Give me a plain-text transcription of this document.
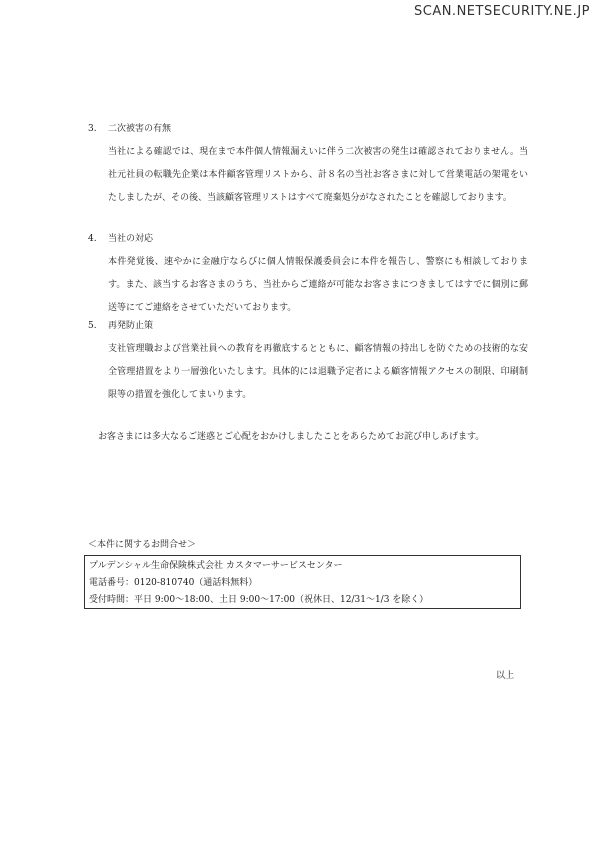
SCAN.NETSECURITY.NE.JP
3.	二次被害の有無
当社による確認では、現在まで本件個人情報漏えいに伴う二次被害の発生は確認されておりません。当社元社員の転職先企業は本件顧客管理リストから、計８名の当社お客さまに対して営業電話の架電をいたしましたが、その後、当該顧客管理リストはすべて廃棄処分がなされたことを確認しております。
4.	当社の対応
本件発覚後、速やかに金融庁ならびに個人情報保護委員会に本件を報告し、警察にも相談しております。また、該当するお客さまのうち、当社からご連絡が可能なお客さまにつきましてはすでに個別に郵送等にてご連絡をさせていただいております。
5.	再発防止策
支社管理職および営業社員への教育を再徹底するとともに、顧客情報の持出しを防ぐための技術的な安全管理措置をより一層強化いたします。具体的には退職予定者による顧客情報アクセスの制限、印刷制限等の措置を強化してまいります。
お客さまには多大なるご迷惑とご心配をおかけしましたことをあらためてお詫び申しあげます。
＜本件に関するお問合せ＞
プルデンシャル生命保険株式会社 カスタマーサービスセンター
電話番号：0120-810740（通話料無料）
受付時間：平日 9:00～18:00、土日 9:00～17:00（祝休日、12/31～1/3 を除く）
以上
